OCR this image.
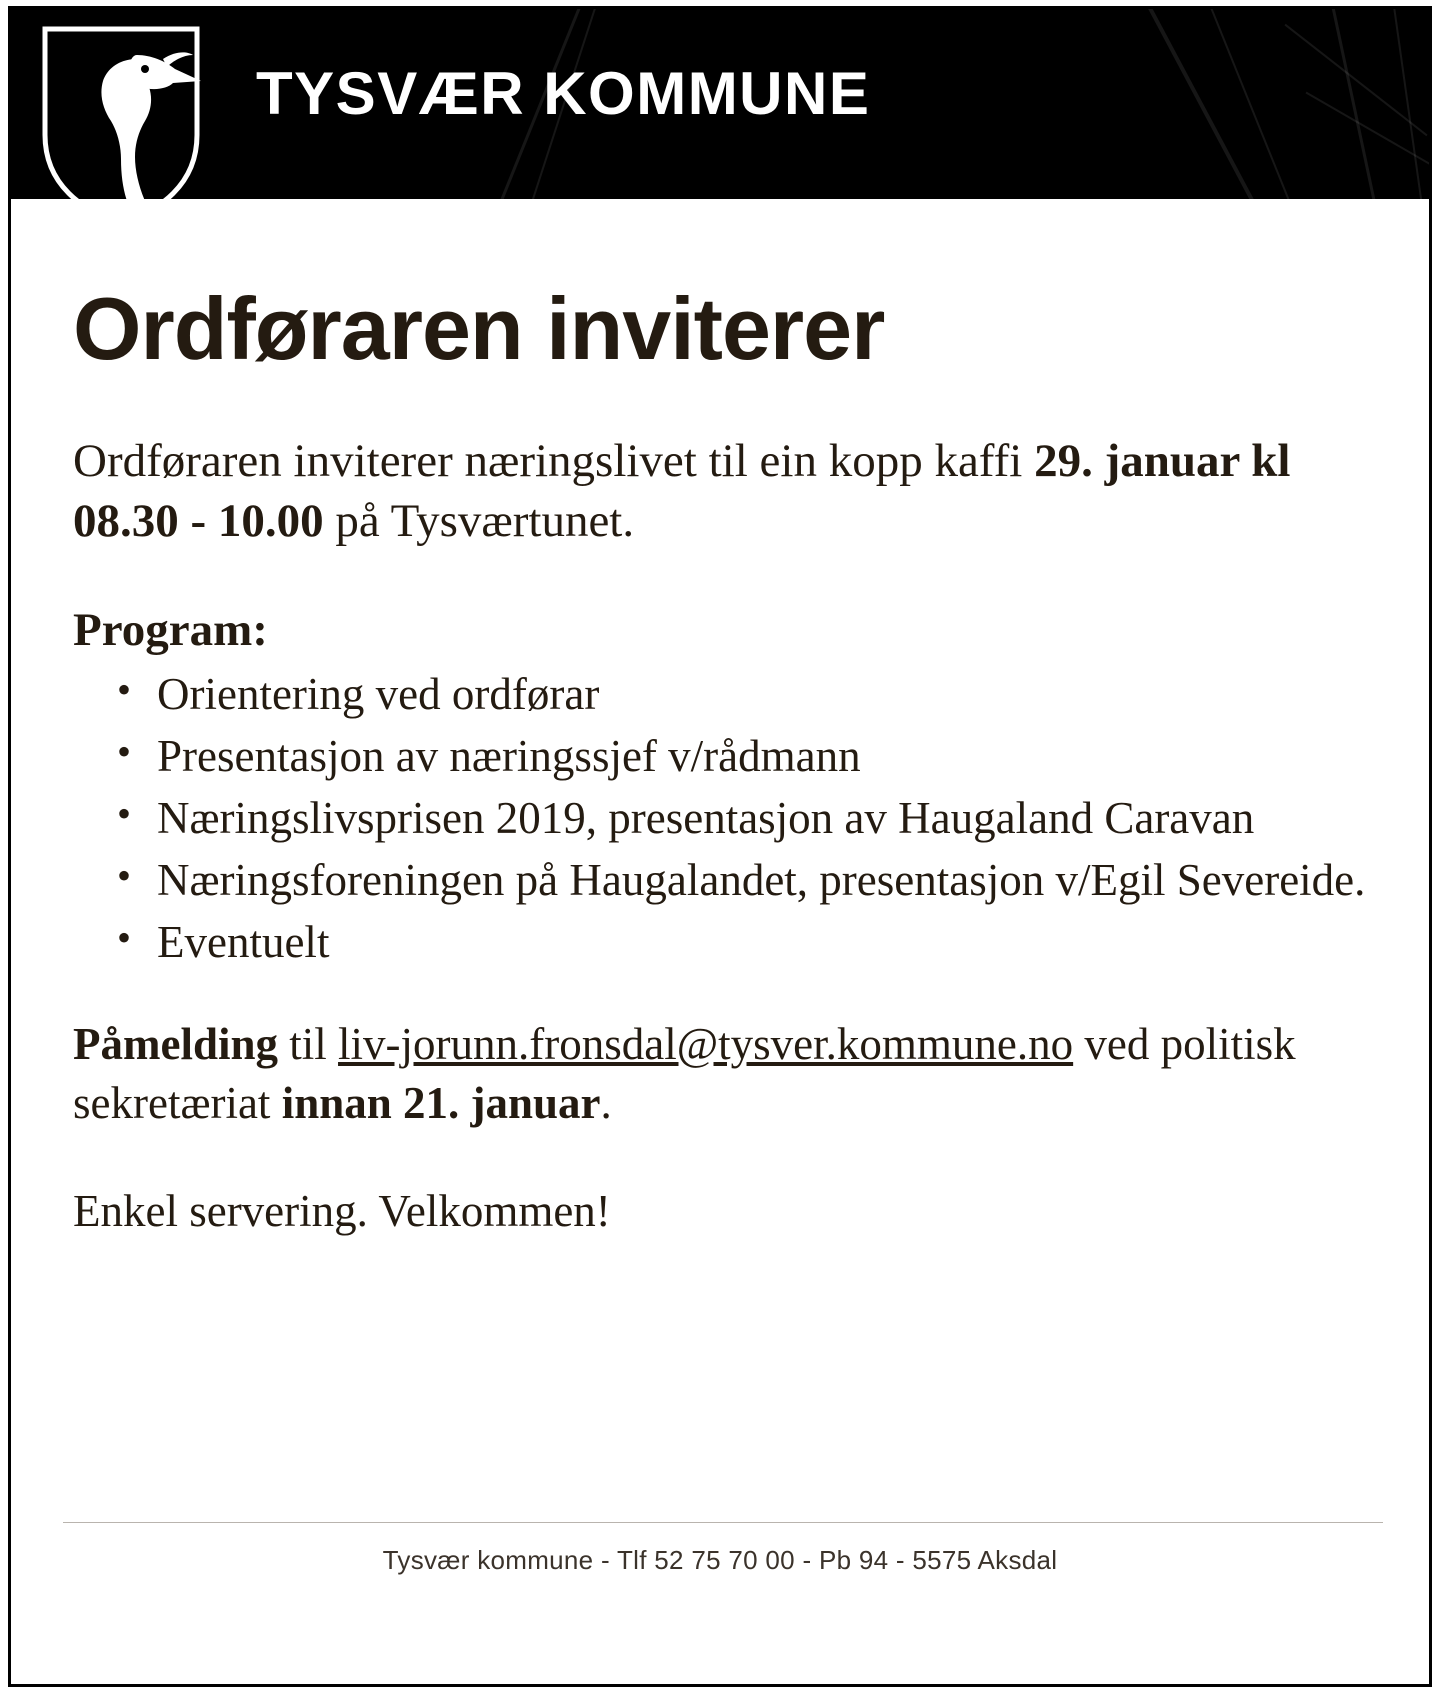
TYSVÆR KOMMUNE
Ordføraren inviterer

Ordføraren inviterer næringslivet til ein kopp kaffi 29. januar kl 08.30 - 10.00 på Tysværtunet.

Program:
• Orientering ved ordførar
• Presentasjon av næringssjef v/rådmann
• Næringslivsprisen 2019, presentasjon av Haugaland Caravan
• Næringsforeningen på Haugalandet, presentasjon v/Egil Severeide.
• Eventuelt

Påmelding til liv-jorunn.fronsdal@tysver.kommune.no ved politisk sekretæriat innan 21. januar.

Enkel servering. Velkommen!

Tysvær kommune - Tlf 52 75 70 00 - Pb 94 - 5575 Aksdal
